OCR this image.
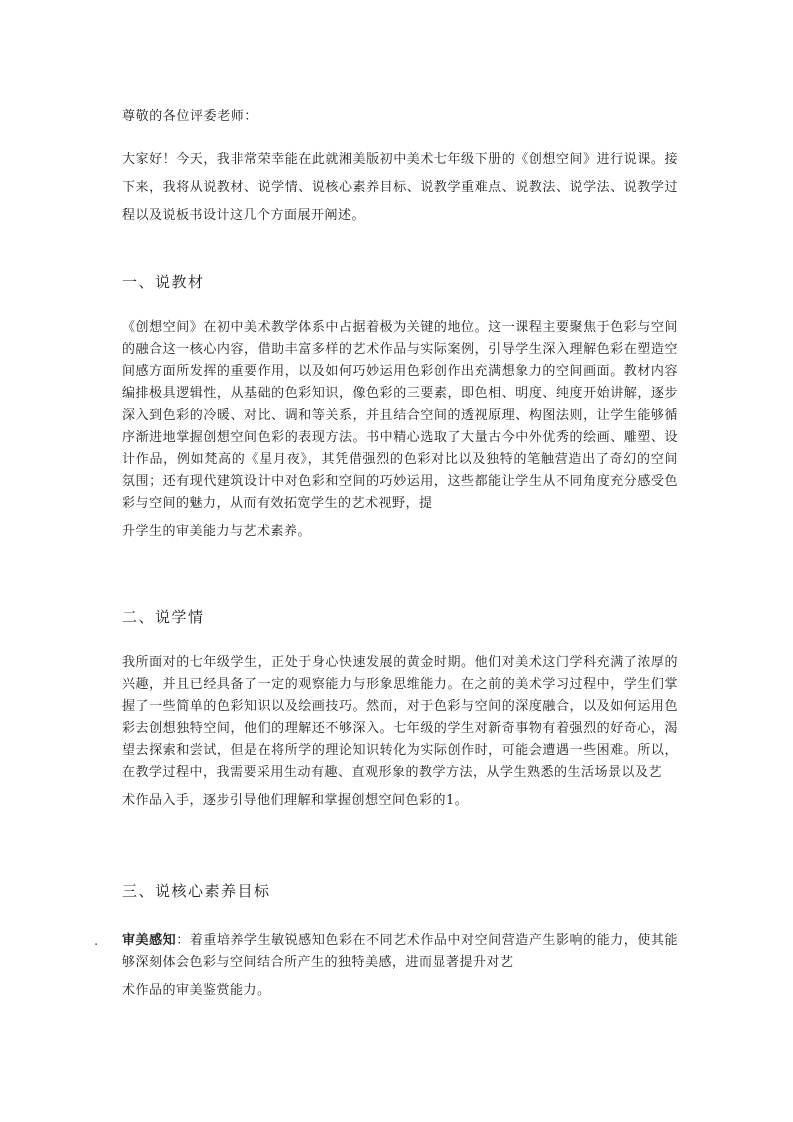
尊敬的各位评委老师：

大家好！今天，我非常荣幸能在此就湘美版初中美术七年级下册的《创想空间》进行说课。接下来，我将从说教材、说学情、说核心素养目标、说教学重难点、说教法、说学法、说教学过程以及说板书设计这几个方面展开阐述。

一、说教材

《创想空间》在初中美术教学体系中占据着极为关键的地位。这一课程主要聚焦于色彩与空间的融合这一核心内容，借助丰富多样的艺术作品与实际案例，引导学生深入理解色彩在塑造空间感方面所发挥的重要作用，以及如何巧妙运用色彩创作出充满想象力的空间画面。教材内容编排极具逻辑性，从基础的色彩知识，像色彩的三要素，即色相、明度、纯度开始讲解，逐步深入到色彩的冷暖、对比、调和等关系，并且结合空间的透视原理、构图法则，让学生能够循序渐进地掌握创想空间色彩的表现方法。书中精心选取了大量古今中外优秀的绘画、雕塑、设计作品，例如梵高的《星月夜》，其凭借强烈的色彩对比以及独特的笔触营造出了奇幻的空间氛围；还有现代建筑设计中对色彩和空间的巧妙运用，这些都能让学生从不同角度充分感受色彩与空间的魅力，从而有效拓宽学生的艺术视野，提
升学生的审美能力与艺术素养。

二、说学情

我所面对的七年级学生，正处于身心快速发展的黄金时期。他们对美术这门学科充满了浓厚的兴趣，并且已经具备了一定的观察能力与形象思维能力。在之前的美术学习过程中，学生们掌握了一些简单的色彩知识以及绘画技巧。然而，对于色彩与空间的深度融合，以及如何运用色彩去创想独特空间，他们的理解还不够深入。七年级的学生对新奇事物有着强烈的好奇心，渴望去探索和尝试，但是在将所学的理论知识转化为实际创作时，可能会遭遇一些困难。所以，在教学过程中，我需要采用生动有趣、直观形象的教学方法，从学生熟悉的生活场景以及艺
术作品入手，逐步引导他们理解和掌握创想空间色彩的1。

三、说核心素养目标
. 审美感知：着重培养学生敏锐感知色彩在不同艺术作品中对空间营造产生影响的能力，使其能够深刻体会色彩与空间结合所产生的独特美感，进而显著提升对艺
术作品的审美鉴赏能力。
